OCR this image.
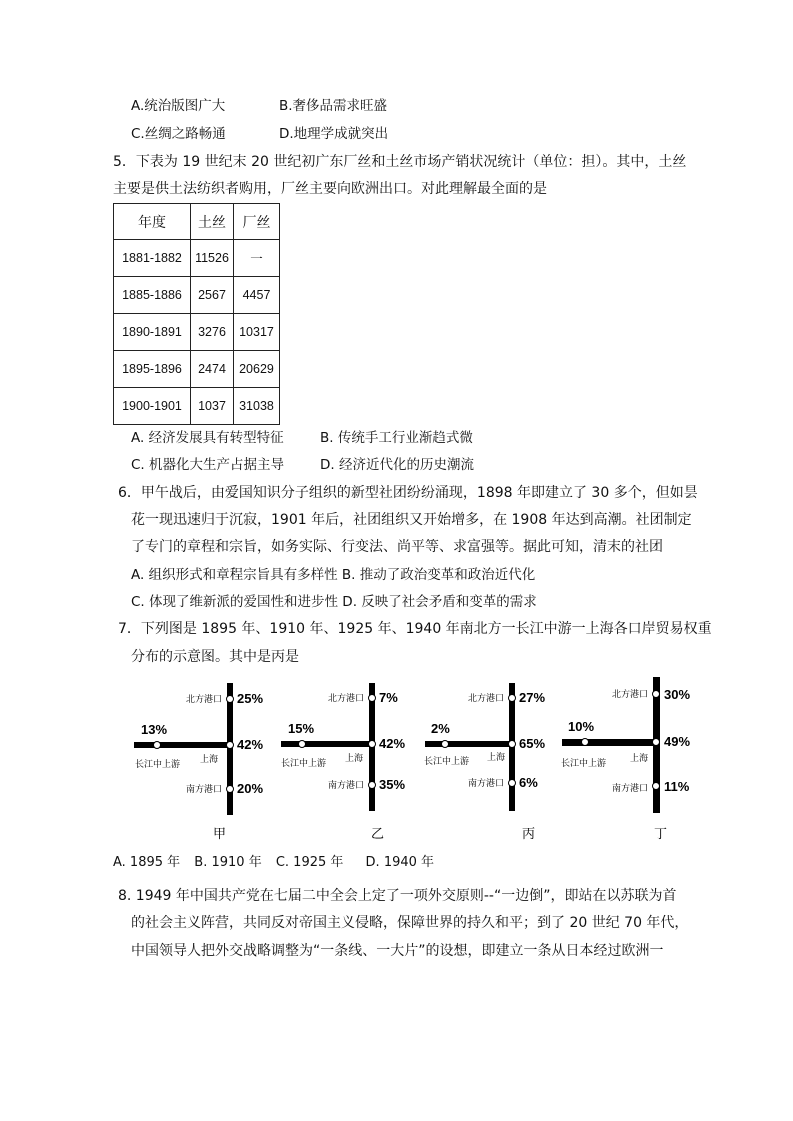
A.统治版图广大	B.奢侈品需求旺盛
C.丝绸之路畅通	D.地理学成就突出
5．下表为 19 世纪末 20 世纪初广东厂丝和土丝市场产销状况统计（单位：担）。其中，土丝
主要是供土法纺织者购用，厂丝主要向欧洲出口。对此理解最全面的是
年度	土丝	厂丝
1881-1882	11526	一
1885-1886	2567	4457
1890-1891	3276	10317
1895-1896	2474	20629
1900-1901	1037	31038
A. 经济发展具有转型特征	B. 传统手工行业渐趋式微
C. 机器化大生产占据主导	D. 经济近代化的历史潮流
6．甲午战后，由爱国知识分子组织的新型社团纷纷涌现，1898 年即建立了 30 多个，但如昙
花一现迅速归于沉寂，1901 年后，社团组织又开始增多，在 1908 年达到高潮。社团制定
了专门的章程和宗旨，如务实际、行变法、尚平等、求富强等。据此可知，清末的社团
A. 组织形式和章程宗旨具有多样性 B. 推动了政治变革和政治近代化
C. 体现了维新派的爱国性和进步性 D. 反映了社会矛盾和变革的需求
7．下列图是 1895 年、1910 年、1925 年、1940 年南北方一长江中游一上海各口岸贸易权重
分布的示意图。其中是丙是
北方港口
南方港口
长江中上游 上海
25%
42%
20%
13%
甲
北方港口
南方港口
长江中上游 上海
7%
42%
35%
15%
乙
北方港口
南方港口
长江中上游 上海
27%
65%
6%
2%
丙
北方港口
南方港口
长江中上游	上海
30%
49%
11%
10%
丁
A. 1895 年 B. 1910 年 C. 1925 年 D. 1940 年
8. 1949 年中国共产党在七届二中全会上定了一项外交原则--“一边倒”，即站在以苏联为首
的社会主义阵营，共同反对帝国主义侵略，保障世界的持久和平；到了 20 世纪 70 年代，
中国领导人把外交战略调整为“一条线、一大片”的设想，即建立一条从日本经过欧洲一
